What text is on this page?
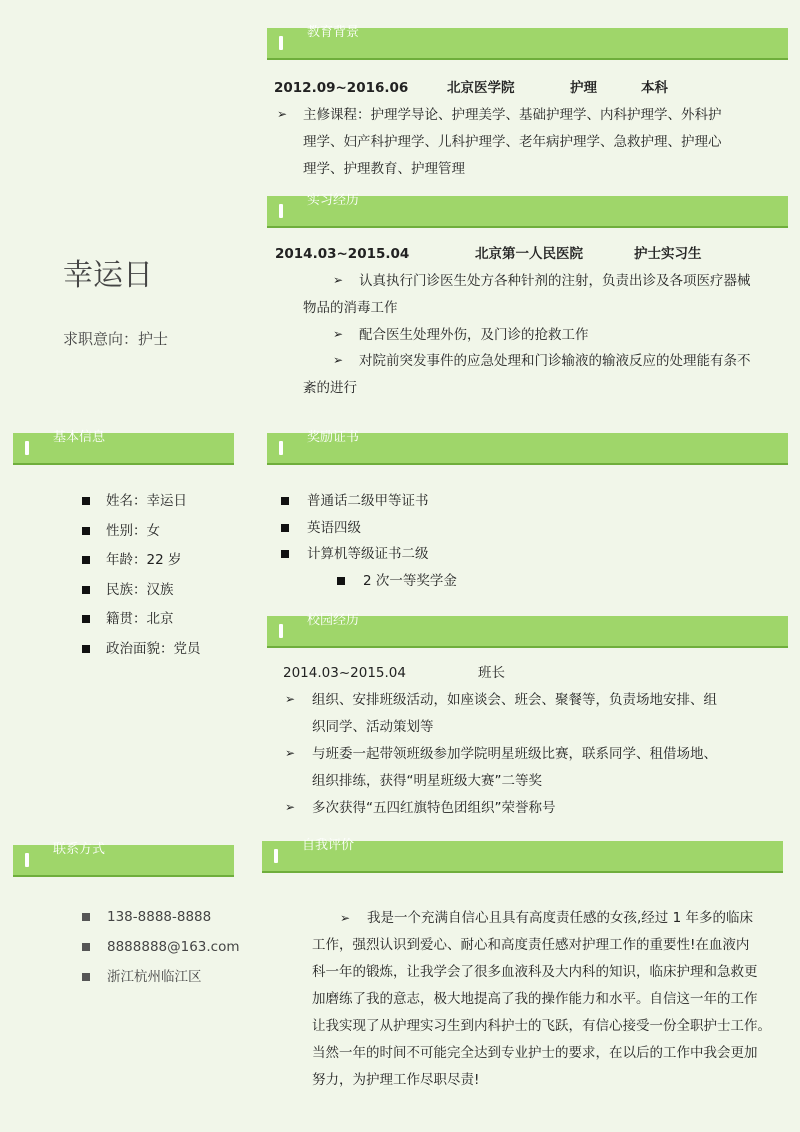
教育背景
实习经历
基本信息	奖励证书
校园经历
联系方式	自我评价
幸运日
求职意向：护士
2012.09~2016.06	北京医学院	护理	本科
➢ 主修课程：护理学导论、护理美学、基础护理学、内科护理学、外科护
理学、妇产科护理学、儿科护理学、老年病护理学、急救护理、护理心
理学、护理教育、护理管理
2014.03~2015.04	北京第一人民医院	护士实习生
➢ 认真执行门诊医生处方各种针剂的注射，负责出诊及各项医疗器械
物品的消毒工作
➢ 配合医生处理外伤，及门诊的抢救工作
➢ 对院前突发事件的应急处理和门诊输液的输液反应的处理能有条不
紊的进行
姓名：幸运日
性别：女
年龄：22 岁
民族：汉族
籍贯：北京
政治面貌：党员
普通话二级甲等证书
英语四级
计算机等级证书二级
2 次一等奖学金
2014.03~2015.04	班长
➢ 组织、安排班级活动，如座谈会、班会、聚餐等，负责场地安排、组
织同学、活动策划等
➢ 与班委一起带领班级参加学院明星班级比赛，联系同学、租借场地、
组织排练，获得“明星班级大赛”二等奖
➢ 多次获得“五四红旗特色团组织”荣誉称号
138-8888-8888
8888888@163.com
浙江杭州临江区
➢ 我是一个充满自信心且具有高度责任感的女孩,经过 1 年多的临床
工作，强烈认识到爱心、耐心和高度责任感对护理工作的重要性!在血液内
科一年的锻炼，让我学会了很多血液科及大内科的知识，临床护理和急救更
加磨练了我的意志，极大地提高了我的操作能力和水平。自信这一年的工作
让我实现了从护理实习生到内科护士的飞跃，有信心接受一份全职护士工作。
当然一年的时间不可能完全达到专业护士的要求，在以后的工作中我会更加
努力，为护理工作尽职尽责!
